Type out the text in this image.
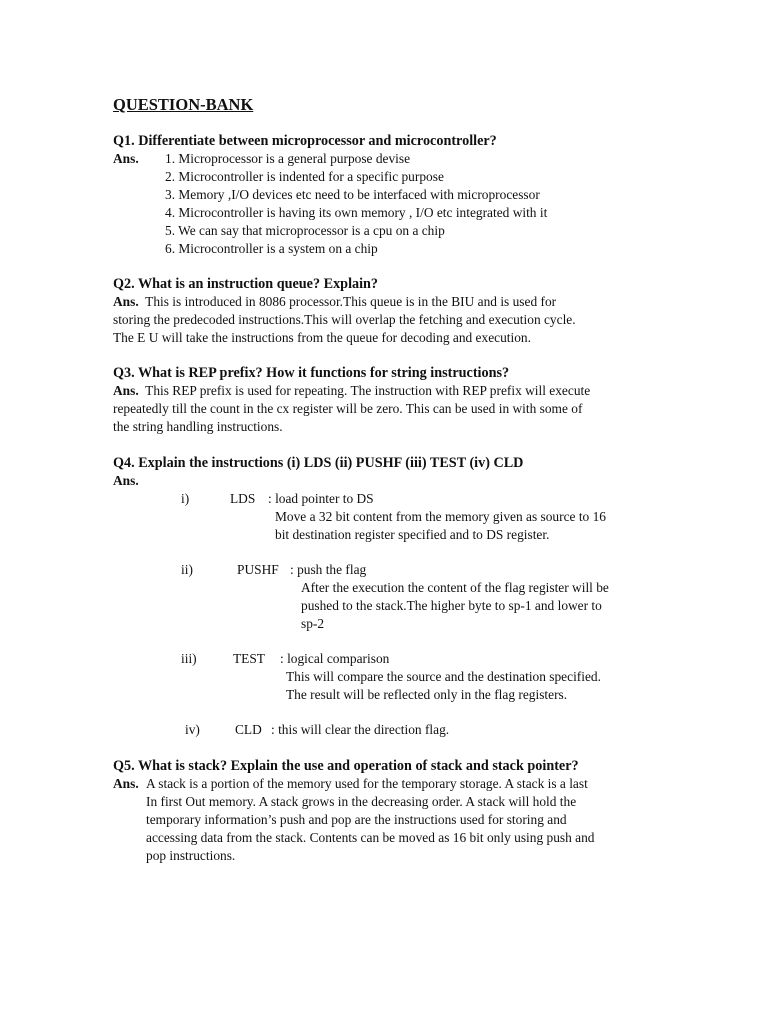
QUESTION-BANK
Q1. Differentiate between microprocessor and microcontroller?
Ans. 1. Microprocessor is a general purpose devise
2. Microcontroller is indented for a specific purpose
3. Memory ,I/O devices etc need to be interfaced with microprocessor
4. Microcontroller is having its own memory , I/O etc integrated with it
5. We can say that microprocessor is a cpu on a chip
6. Microcontroller is a system on a chip
Q2. What is an instruction queue? Explain?
Ans. This is introduced in 8086 processor.This queue is in the BIU and is used for
storing the predecoded instructions.This will overlap the fetching and execution cycle.
The E U will take the instructions from the queue for decoding and execution.
Q3. What is REP prefix? How it functions for string instructions?
Ans. This REP prefix is used for repeating. The instruction with REP prefix will execute
repeatedly till the count in the cx register will be zero. This can be used in with some of
the string handling instructions.
Q4. Explain the instructions (i) LDS (ii) PUSHF (iii) TEST (iv) CLD
Ans.
i)	LDS : load pointer to DS
Move a 32 bit content from the memory given as source to 16
bit destination register specified and to DS register.
ii)	PUSHF : push the flag
After the execution the content of the flag register will be
pushed to the stack.The higher byte to sp-1 and lower to
sp-2
iii)	TEST : logical comparison
This will compare the source and the destination specified.
The result will be reflected only in the flag registers.
iv)	CLD : this will clear the direction flag.
Q5. What is stack? Explain the use and operation of stack and stack pointer?
Ans. A stack is a portion of the memory used for the temporary storage. A stack is a last
In first Out memory. A stack grows in the decreasing order. A stack will hold the
temporary information’s push and pop are the instructions used for storing and
accessing data from the stack. Contents can be moved as 16 bit only using push and
pop instructions.
